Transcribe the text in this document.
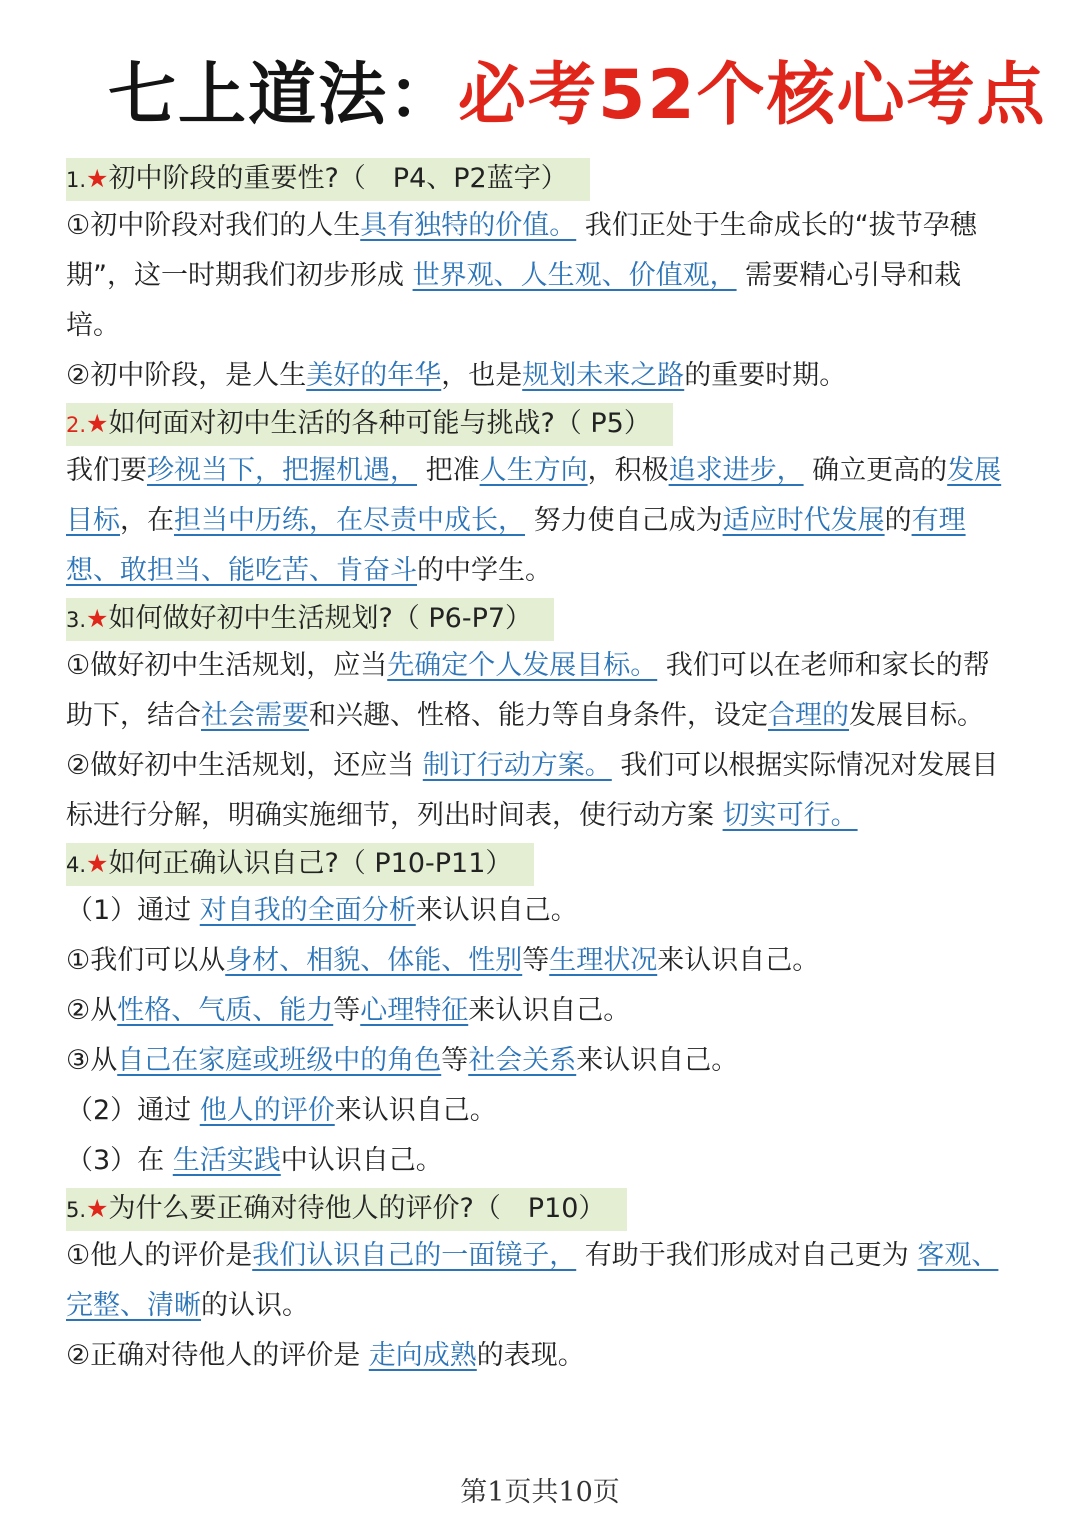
七上道法：必考52个核心考点
1.★初中阶段的重要性?（　P4、P2蓝字）
①初中阶段对我们的人生具有独特的价值。 我们正处于生命成长的“拔节孕穗期”，这一时期我们初步形成 世界观、人生观、价值观， 需要精心引导和栽培。
②初中阶段，是人生美好的年华，也是规划未来之路的重要时期。
2.★如何面对初中生活的各种可能与挑战?（ P5）
我们要珍视当下，把握机遇， 把准人生方向，积极追求进步， 确立更高的发展目标，在担当中历练，在尽责中成长， 努力使自己成为适应时代发展的有理想、敢担当、能吃苦、肯奋斗的中学生。
3.★如何做好初中生活规划?（ P6-P7）
①做好初中生活规划，应当先确定个人发展目标。 我们可以在老师和家长的帮助下，结合社会需要和兴趣、性格、能力等自身条件，设定合理的发展目标。
②做好初中生活规划，还应当 制订行动方案。 我们可以根据实际情况对发展目标进行分解，明确实施细节，列出时间表，使行动方案 切实可行。
4.★如何正确认识自己?（ P10-P11）
（1）通过 对自我的全面分析来认识自己。
①我们可以从身材、相貌、体能、性别等生理状况来认识自己。
②从性格、气质、能力等心理特征来认识自己。
③从自己在家庭或班级中的角色等社会关系来认识自己。
（2）通过 他人的评价来认识自己。
（3）在 生活实践中认识自己。
5.★为什么要正确对待他人的评价?（　P10）
①他人的评价是我们认识自己的一面镜子， 有助于我们形成对自己更为 客观、完整、清晰的认识。
②正确对待他人的评价是 走向成熟的表现。
第1页共10页
